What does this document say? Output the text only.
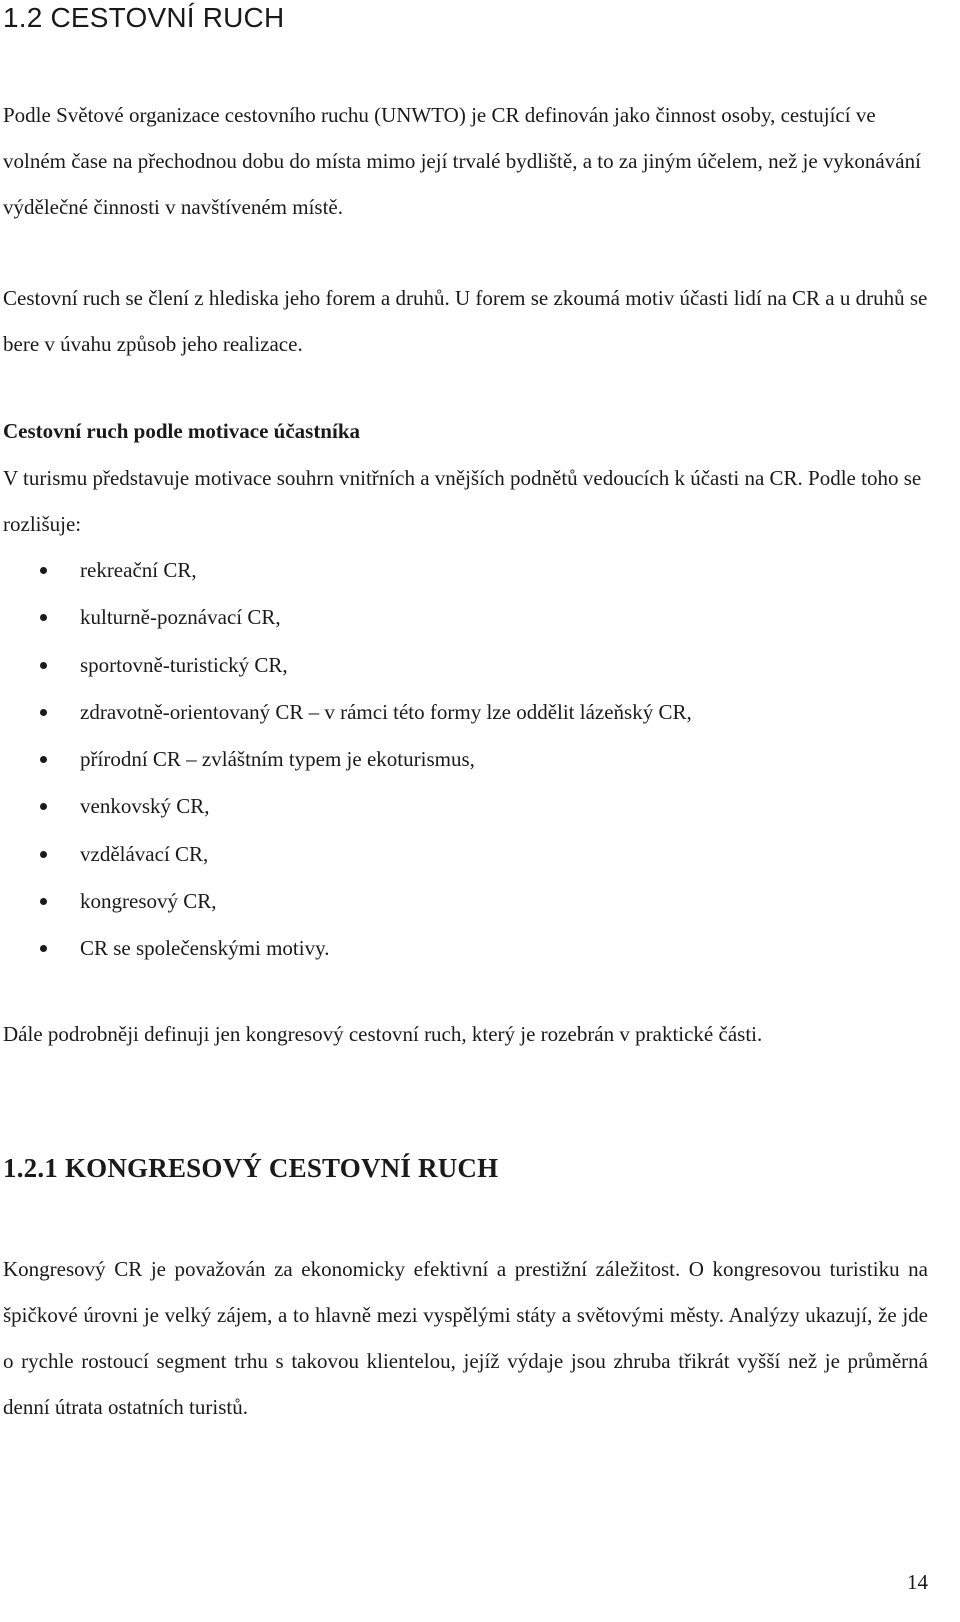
1.2 CESTOVNÍ RUCH

Podle Světové organizace cestovního ruchu (UNWTO) je CR definován jako činnost osoby, cestující ve volném čase na přechodnou dobu do místa mimo její trvalé bydliště, a to za jiným účelem, než je vykonávání výdělečné činnosti v navštíveném místě.

Cestovní ruch se člení z hlediska jeho forem a druhů. U forem se zkoumá motiv účasti lidí na CR a u druhů se bere v úvahu způsob jeho realizace.

Cestovní ruch podle motivace účastníka

V turismu představuje motivace souhrn vnitřních a vnějších podnětů vedoucích k účasti na CR. Podle toho se rozlišuje:

rekreační CR,
kulturně-poznávací CR,
sportovně-turistický CR,
zdravotně-orientovaný CR – v rámci této formy lze oddělit lázeňský CR,
přírodní CR – zvláštním typem je ekoturismus,
venkovský CR,
vzdělávací CR,
kongresový CR,
CR se společenskými motivy.

Dále podrobněji definuji jen kongresový cestovní ruch, který je rozebrán v praktické části.

1.2.1 KONGRESOVÝ CESTOVNÍ RUCH

Kongresový CR je považován za ekonomicky efektivní a prestižní záležitost. O kongresovou turistiku na špičkové úrovni je velký zájem, a to hlavně mezi vyspělými státy a světovými městy. Analýzy ukazují, že jde o rychle rostoucí segment trhu s takovou klientelou, jejíž výdaje jsou zhruba třikrát vyšší než je průměrná denní útrata ostatních turistů.

14
